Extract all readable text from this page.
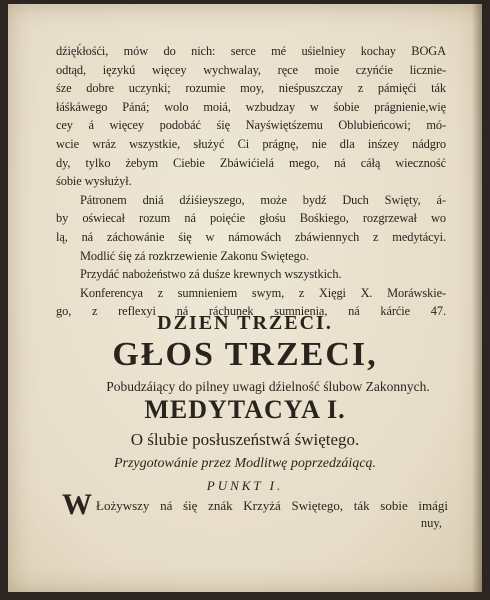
dźięḱłośći, mów do nich: serce mé uśielniey kochay BOGA
odtąd, ięzykú więcey wychwalay, ręce moie czyńćie licznie-
śze dobre uczynki; rozumie moy, nieśpuszczay z pámięći ták
łáśkáwego Páná; wolo moiá, wzbudzay w śobie prágnienie,wię
cey á więcey podobáć śię Nayświętśzemu Oblubieńcowi; mó-
wcie wráz wszystkie, służyć Ci prágnę, nie dla inśzey nádgro
dy, tylko żebym Ciebie Zbáwićielá mego, ná cáłą wieczność
śobie wysłużył.
Pátronem dniá dźiśieyszego, może bydź Duch Swięty, á-
by oświecał rozum ná poięćie głośu Bośkiego, rozgrzewał wo
lą, ná záchowánie śię w námowách zbáwiennych z medytácyi.
Modlić śię zá rozkrzewienie Zakonu Swiętego.
Przydáć nabożeństwo zá duśze krewnych wszystkich.
Konferencya z sumnieniem swym, z Xięgi X. Moráwskie-
go, z reflexyi ná ráchunek sumnienia, ná kárćie 47.
DZIEN TRZECI.
GŁOS TRZECI,
Pobudzáiący do pilney uwagi dźielność ślubow Zakonnych.
MEDYTACYA I.
O ślubie posłuszeństwá świętego.
Przygotowánie przez Modlitwę poprzedzáiącą.
PUNKT I.
W Łożywszy ná śię znák Krzyżá Swiętego, ták sobie imági
nuy,
